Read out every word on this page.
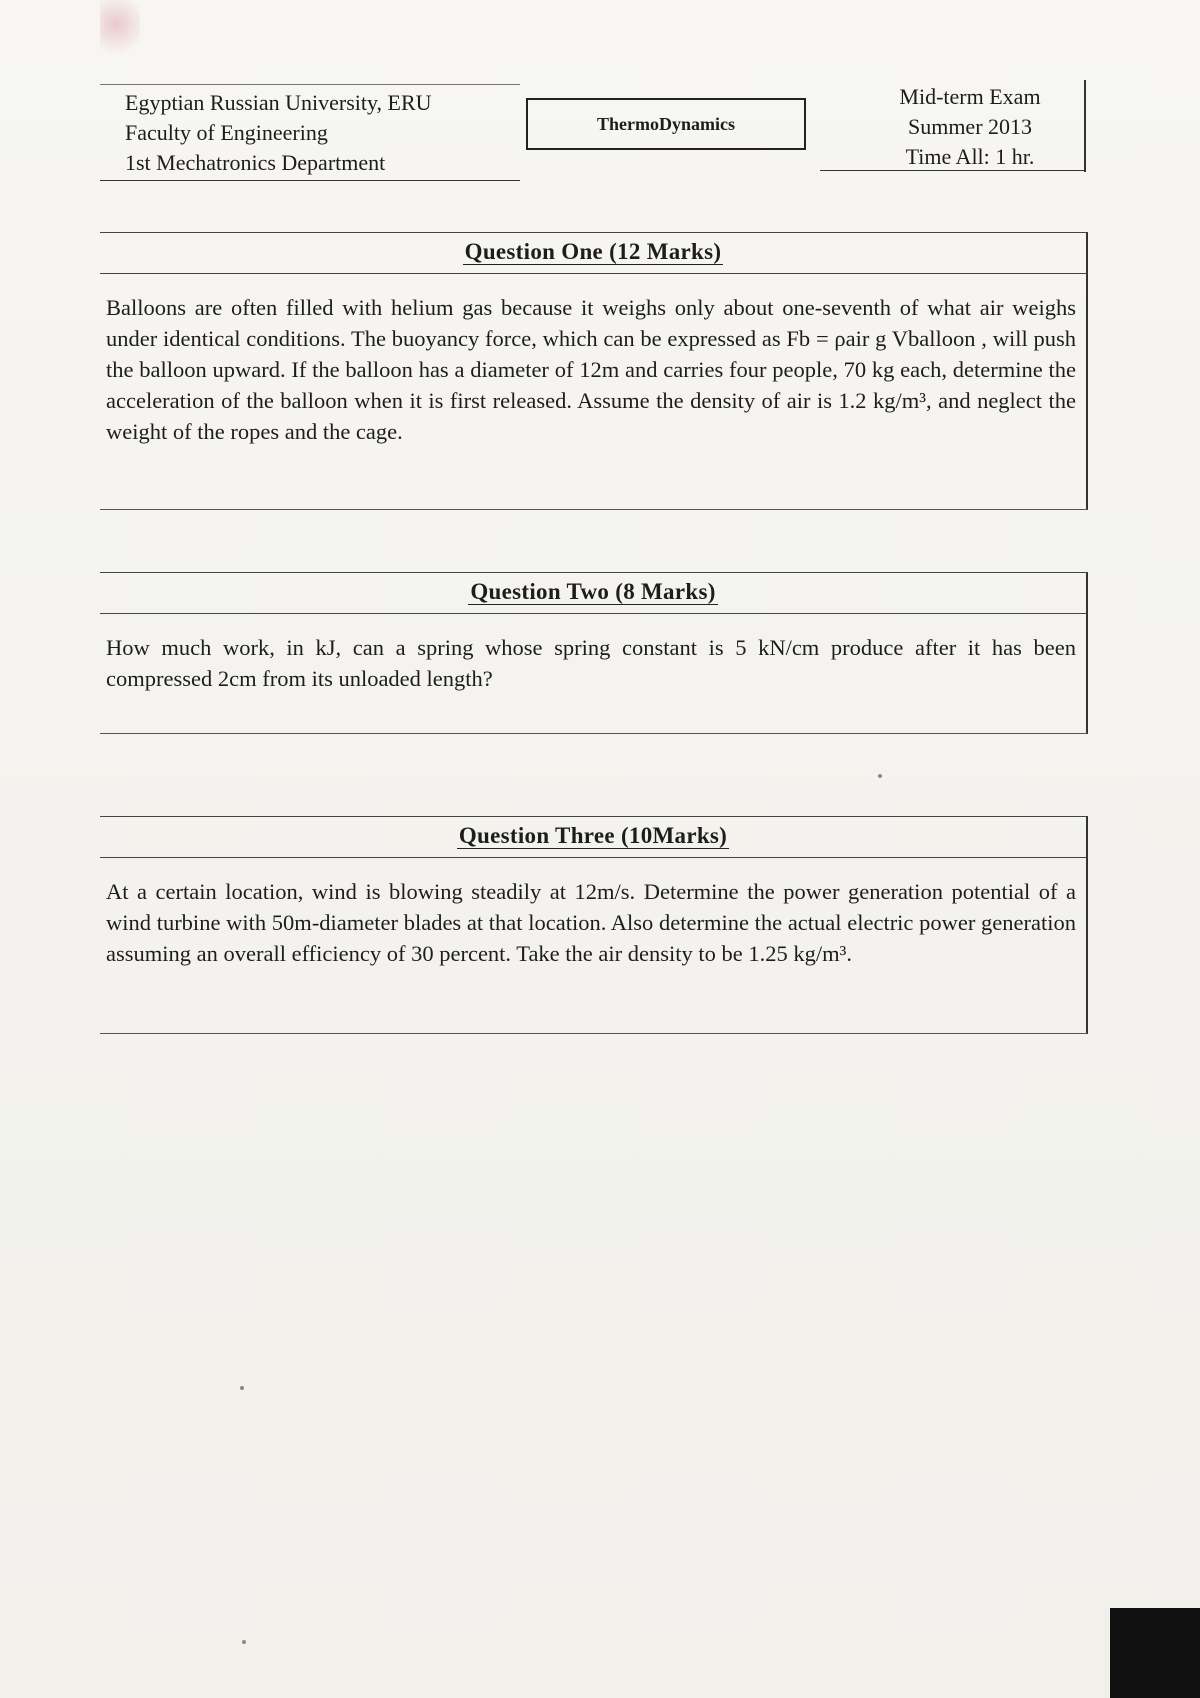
Egyptian Russian University, ERU
Faculty of Engineering
1st Mechatronics Department
ThermoDynamics
Mid-term Exam
Summer 2013
Time All: 1 hr.
Question One (12 Marks)

Balloons are often filled with helium gas because it weighs only about one-seventh of what air weighs under identical conditions. The buoyancy force, which can be expressed as Fb = ρair g Vballoon , will push the balloon upward. If the balloon has a diameter of 12m and carries four people, 70 kg each, determine the acceleration of the balloon when it is first released. Assume the density of air is 1.2 kg/m³, and neglect the weight of the ropes and the cage.

Question Two (8 Marks)

How much work, in kJ, can a spring whose spring constant is 5 kN/cm produce after it has been compressed 2cm from its unloaded length?

Question Three (10Marks)

At a certain location, wind is blowing steadily at 12m/s. Determine the power generation potential of a wind turbine with 50m-diameter blades at that location. Also determine the actual electric power generation assuming an overall efficiency of 30 percent. Take the air density to be 1.25 kg/m³.
